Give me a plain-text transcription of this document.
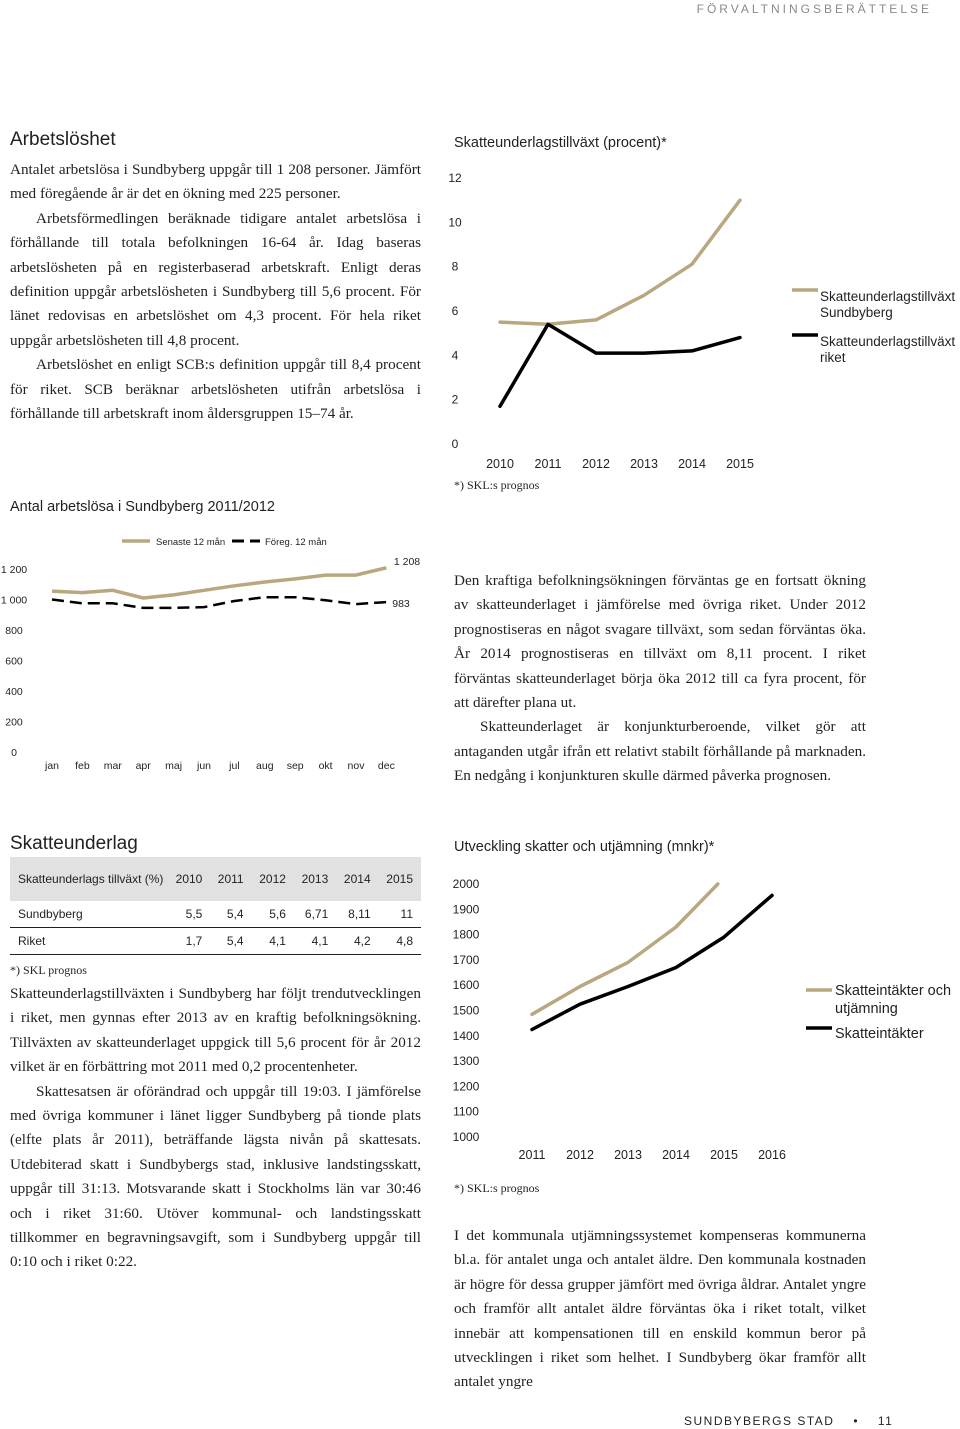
FÖRVALTNINGSBERÄTTELSE
Arbetslöshet

Antalet arbetslösa i Sundbyberg uppgår till 1 208 personer. Jämfört med föregående år är det en ökning med 225 personer.

Arbetsförmedlingen beräknade tidigare antalet arbetslösa i förhållande till totala befolkningen 16-64 år. Idag baseras arbetslösheten på en registerbaserad arbetskraft. Enligt deras definition uppgår arbetslösheten i Sundbyberg till 5,6 procent. För länet redovisas en arbetslöshet om 4,3 procent. För hela riket uppgår arbetslösheten till 4,8 procent.

Arbetslöshet en enligt SCB:s definition uppgår till 8,4 procent för riket. SCB beräknar arbetslösheten utifrån arbetslösa i förhållande till arbetskraft inom åldersgruppen 15–74 år.

Skatteunderlagstillväxt (procent)*
0
2
4
6
8
10
12
2010 2011 2012 2013 2014 2015
Skatteunderlagstillväxt
Sundbyberg
Skatteunderlagstillväxt
riket
*) SKL:s prognos
Antal arbetslösa i Sundbyberg 2011/2012
Senaste 12 mån	Föreg. 12 mån
0
200
400
600
800
1 000
1 200
jan feb mar apr maj jun jul aug sep okt nov dec
1 208
983

Den kraftiga befolkningsökningen förväntas ge en fortsatt ökning av skatteunderlaget i jämförelse med övriga riket. Under 2012 prognostiseras en något svagare tillväxt, som sedan förväntas öka. År 2014 prognostiseras en tillväxt om 8,11 procent. I riket förväntas skatteunderlaget börja öka 2012 till ca fyra procent, för att därefter plana ut.

Skatteunderlaget är konjunkturberoende, vilket gör att antaganden utgår ifrån ett relativt stabilt förhållande på marknaden. En nedgång i konjunkturen skulle därmed påverka prognosen.

Skatteunderlag
Skatteunderlags tillväxt (%)	2010	2011	2012	2013	2014	2015
Sundbyberg	5,5	5,4	5,6	6,71	8,11	11
Riket	1,7	5,4	4,1	4,1	4,2	4,8
*) SKL prognos

Skatteunderlagstillväxten i Sundbyberg har följt trendutvecklingen i riket, men gynnas efter 2013 av en kraftig befolkningsökning. Tillväxten av skatteunderlaget uppgick till 5,6 procent för år 2012 vilket är en förbättring mot 2011 med 0,2 procentenheter.

Skattesatsen är oförändrad och uppgår till 19:03. I jämförelse med övriga kommuner i länet ligger Sundbyberg på tionde plats (elfte plats år 2011), beträffande lägsta nivån på skattesats. Utdebiterad skatt i Sundbybergs stad, inklusive landstingsskatt, uppgår till 31:13. Motsvarande skatt i Stockholms län var 30:46 och i riket 31:60. Utöver kommunal- och landstingsskatt tillkommer en begravningsavgift, som i Sundbyberg uppgår till 0:10 och i riket 0:22.

Utveckling skatter och utjämning (mnkr)*
1000
1100
1200
1300
1400
1500
1600
1700
1800
1900
2000
2011 2012 2013 2014 2015 2016
Skatteintäkter och
utjämning
Skatteintäkter
*) SKL:s prognos

I det kommunala utjämningssystemet kompenseras kommunerna bl.a. för antalet unga och antalet äldre. Den kommunala kostnaden är högre för dessa grupper jämfört med övriga åldrar. Antalet yngre och framför allt antalet äldre förväntas öka i riket totalt, vilket innebär att kompensationen till en enskild kommun beror på utvecklingen i riket som helhet. I Sundbyberg ökar framför allt antalet yngre

SUNDBYBERGS STAD • 11
